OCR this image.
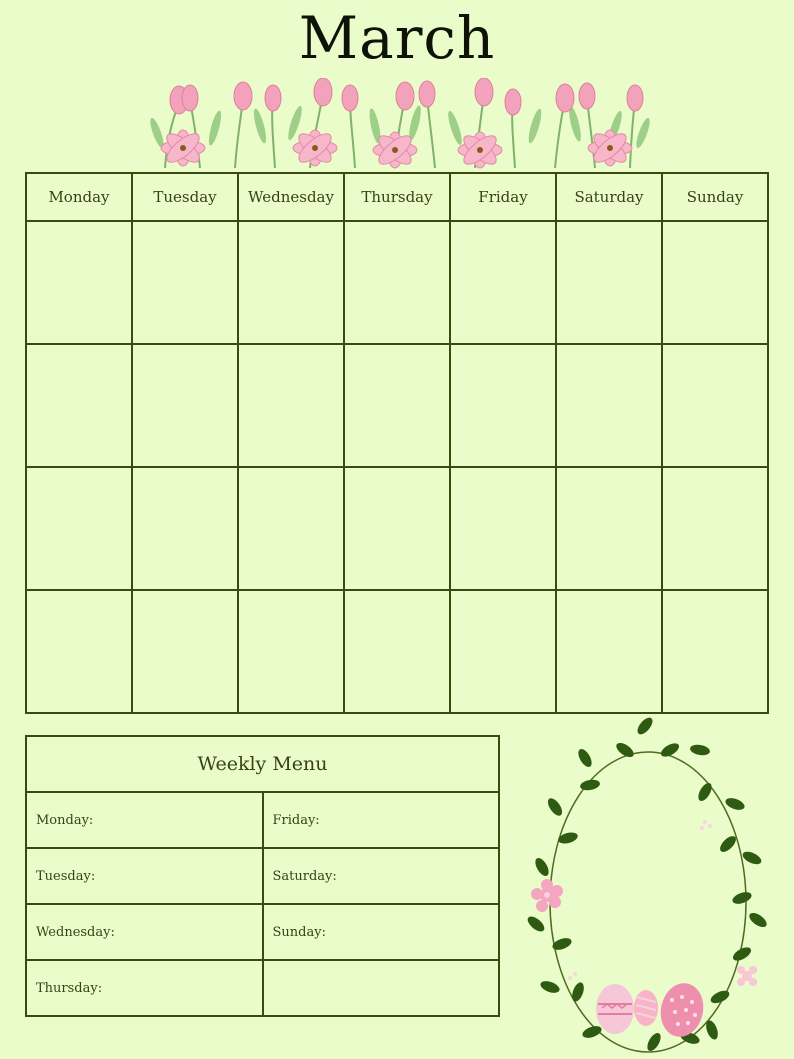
March
Monday	Tuesday	Wednesday	Thursday	Friday	Saturday	Sunday

Weekly Menu	
Monday:	Friday:
Tuesday:	Saturday:
Wednesday:	Sunday:
Thursday:	
